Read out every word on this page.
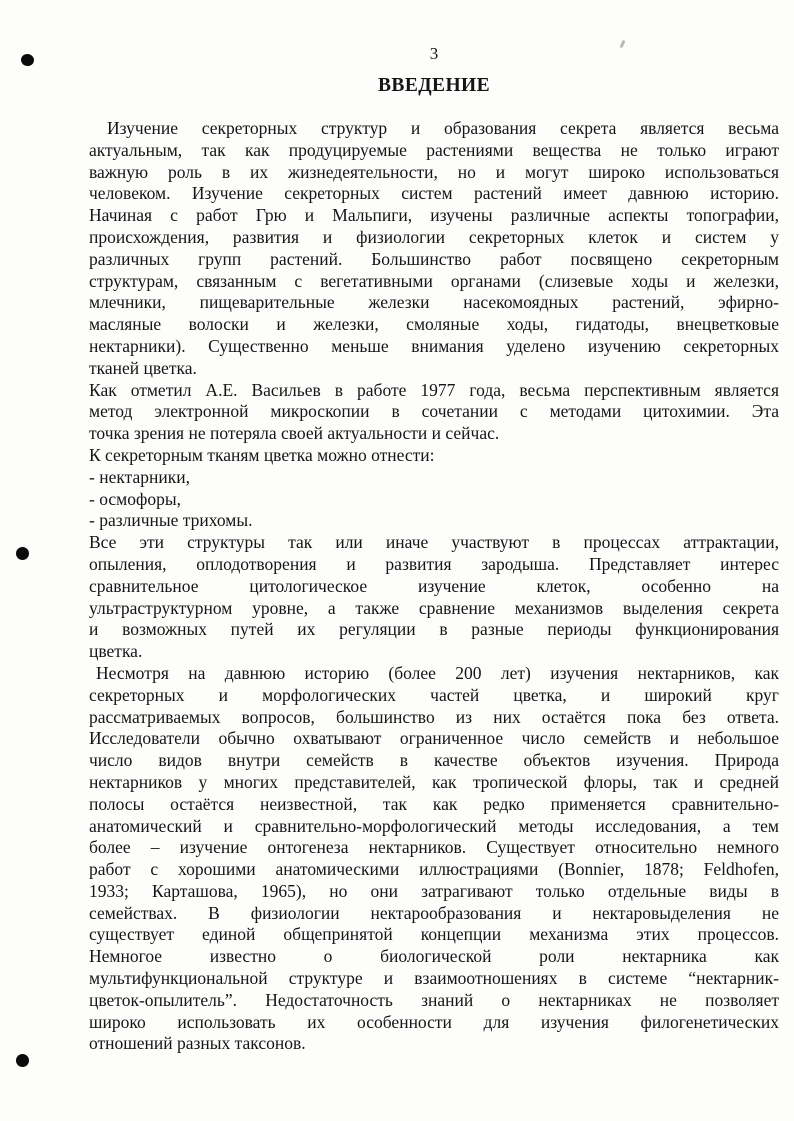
3
ВВЕДЕНИЕ
Изучение секреторных структур и образования секрета является весьма
актуальным, так как продуцируемые растениями вещества не только играют
важную роль в их жизнедеятельности, но и могут широко использоваться
человеком. Изучение секреторных систем растений имеет давнюю историю.
Начиная с работ Грю и Мальпиги, изучены различные аспекты топографии,
происхождения, развития и физиологии секреторных клеток и систем у
различных групп растений. Большинство работ посвящено секреторным
структурам, связанным с вегетативными органами (слизевые ходы и железки,
млечники, пищеварительные железки насекомоядных растений, эфирно-
масляные волоски и железки, смоляные ходы, гидатоды, внецветковые
нектарники). Существенно меньше внимания уделено изучению секреторных
тканей цветка.
Как отметил А.Е. Васильев в работе 1977 года, весьма перспективным является
метод электронной микроскопии в сочетании с методами цитохимии. Эта
точка зрения не потеряла своей актуальности и сейчас.
К секреторным тканям цветка можно отнести:
- нектарники,
- осмофоры,
- различные трихомы.
Все эти структуры так или иначе участвуют в процессах аттрактации,
опыления, оплодотворения и развития зародыша. Представляет интерес
сравнительное цитологическое изучение клеток, особенно на
ультраструктурном уровне, а также сравнение механизмов выделения секрета
и возможных путей их регуляции в разные периоды функционирования
цветка.
Несмотря на давнюю историю (более 200 лет) изучения нектарников, как
секреторных и морфологических частей цветка, и широкий круг
рассматриваемых вопросов, большинство из них остаётся пока без ответа.
Исследователи обычно охватывают ограниченное число семейств и небольшое
число видов внутри семейств в качестве объектов изучения. Природа
нектарников у многих представителей, как тропической флоры, так и средней
полосы остаётся неизвестной, так как редко применяется сравнительно-
анатомический и сравнительно-морфологический методы исследования, а тем
более – изучение онтогенеза нектарников. Существует относительно немного
работ с хорошими анатомическими иллюстрациями (Bonnier, 1878; Feldhofen,
1933; Карташова, 1965), но они затрагивают только отдельные виды в
семействах. В физиологии нектарообразования и нектаровыделения не
существует единой общепринятой концепции механизма этих процессов.
Немногое известно о биологической роли нектарника как
мультифункциональной структуре и взаимоотношениях в системе “нектарник-
цветок-опылитель”. Недостаточность знаний о нектарниках не позволяет
широко использовать их особенности для изучения филогенетических
отношений разных таксонов.
